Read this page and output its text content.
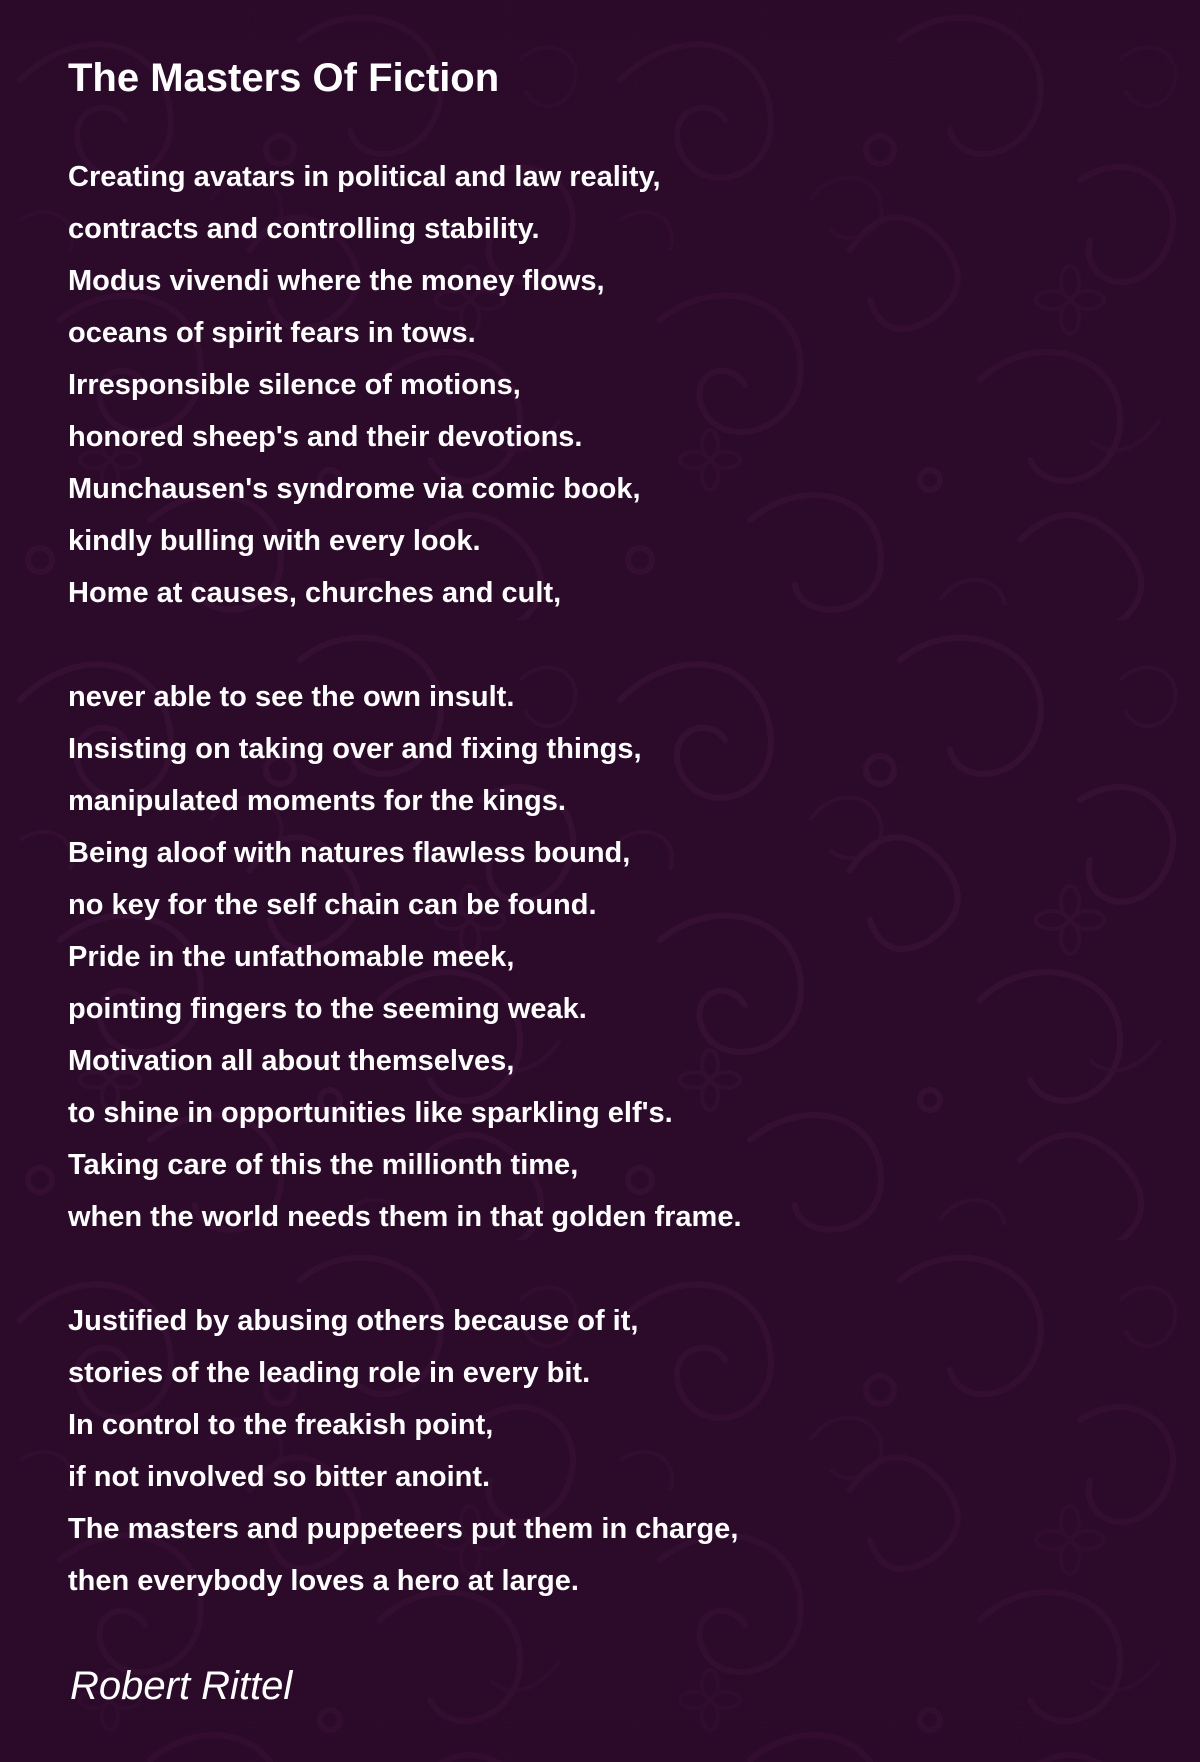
The Masters Of Fiction
Creating avatars in political and law reality,
contracts and controlling stability.
Modus vivendi where the money flows,
oceans of spirit fears in tows.
Irresponsible silence of motions,
honored sheep's and their devotions.
Munchausen's syndrome via comic book,
kindly bulling with every look.
Home at causes, churches and cult,
never able to see the own insult.
Insisting on taking over and fixing things,
manipulated moments for the kings.
Being aloof with natures flawless bound,
no key for the self chain can be found.
Pride in the unfathomable meek,
pointing fingers to the seeming weak.
Motivation all about themselves,
to shine in opportunities like sparkling elf's.
Taking care of this the millionth time,
when the world needs them in that golden frame.
Justified by abusing others because of it,
stories of the leading role in every bit.
In control to the freakish point,
if not involved so bitter anoint.
The masters and puppeteers put them in charge,
then everybody loves a hero at large.

Robert Rittel
